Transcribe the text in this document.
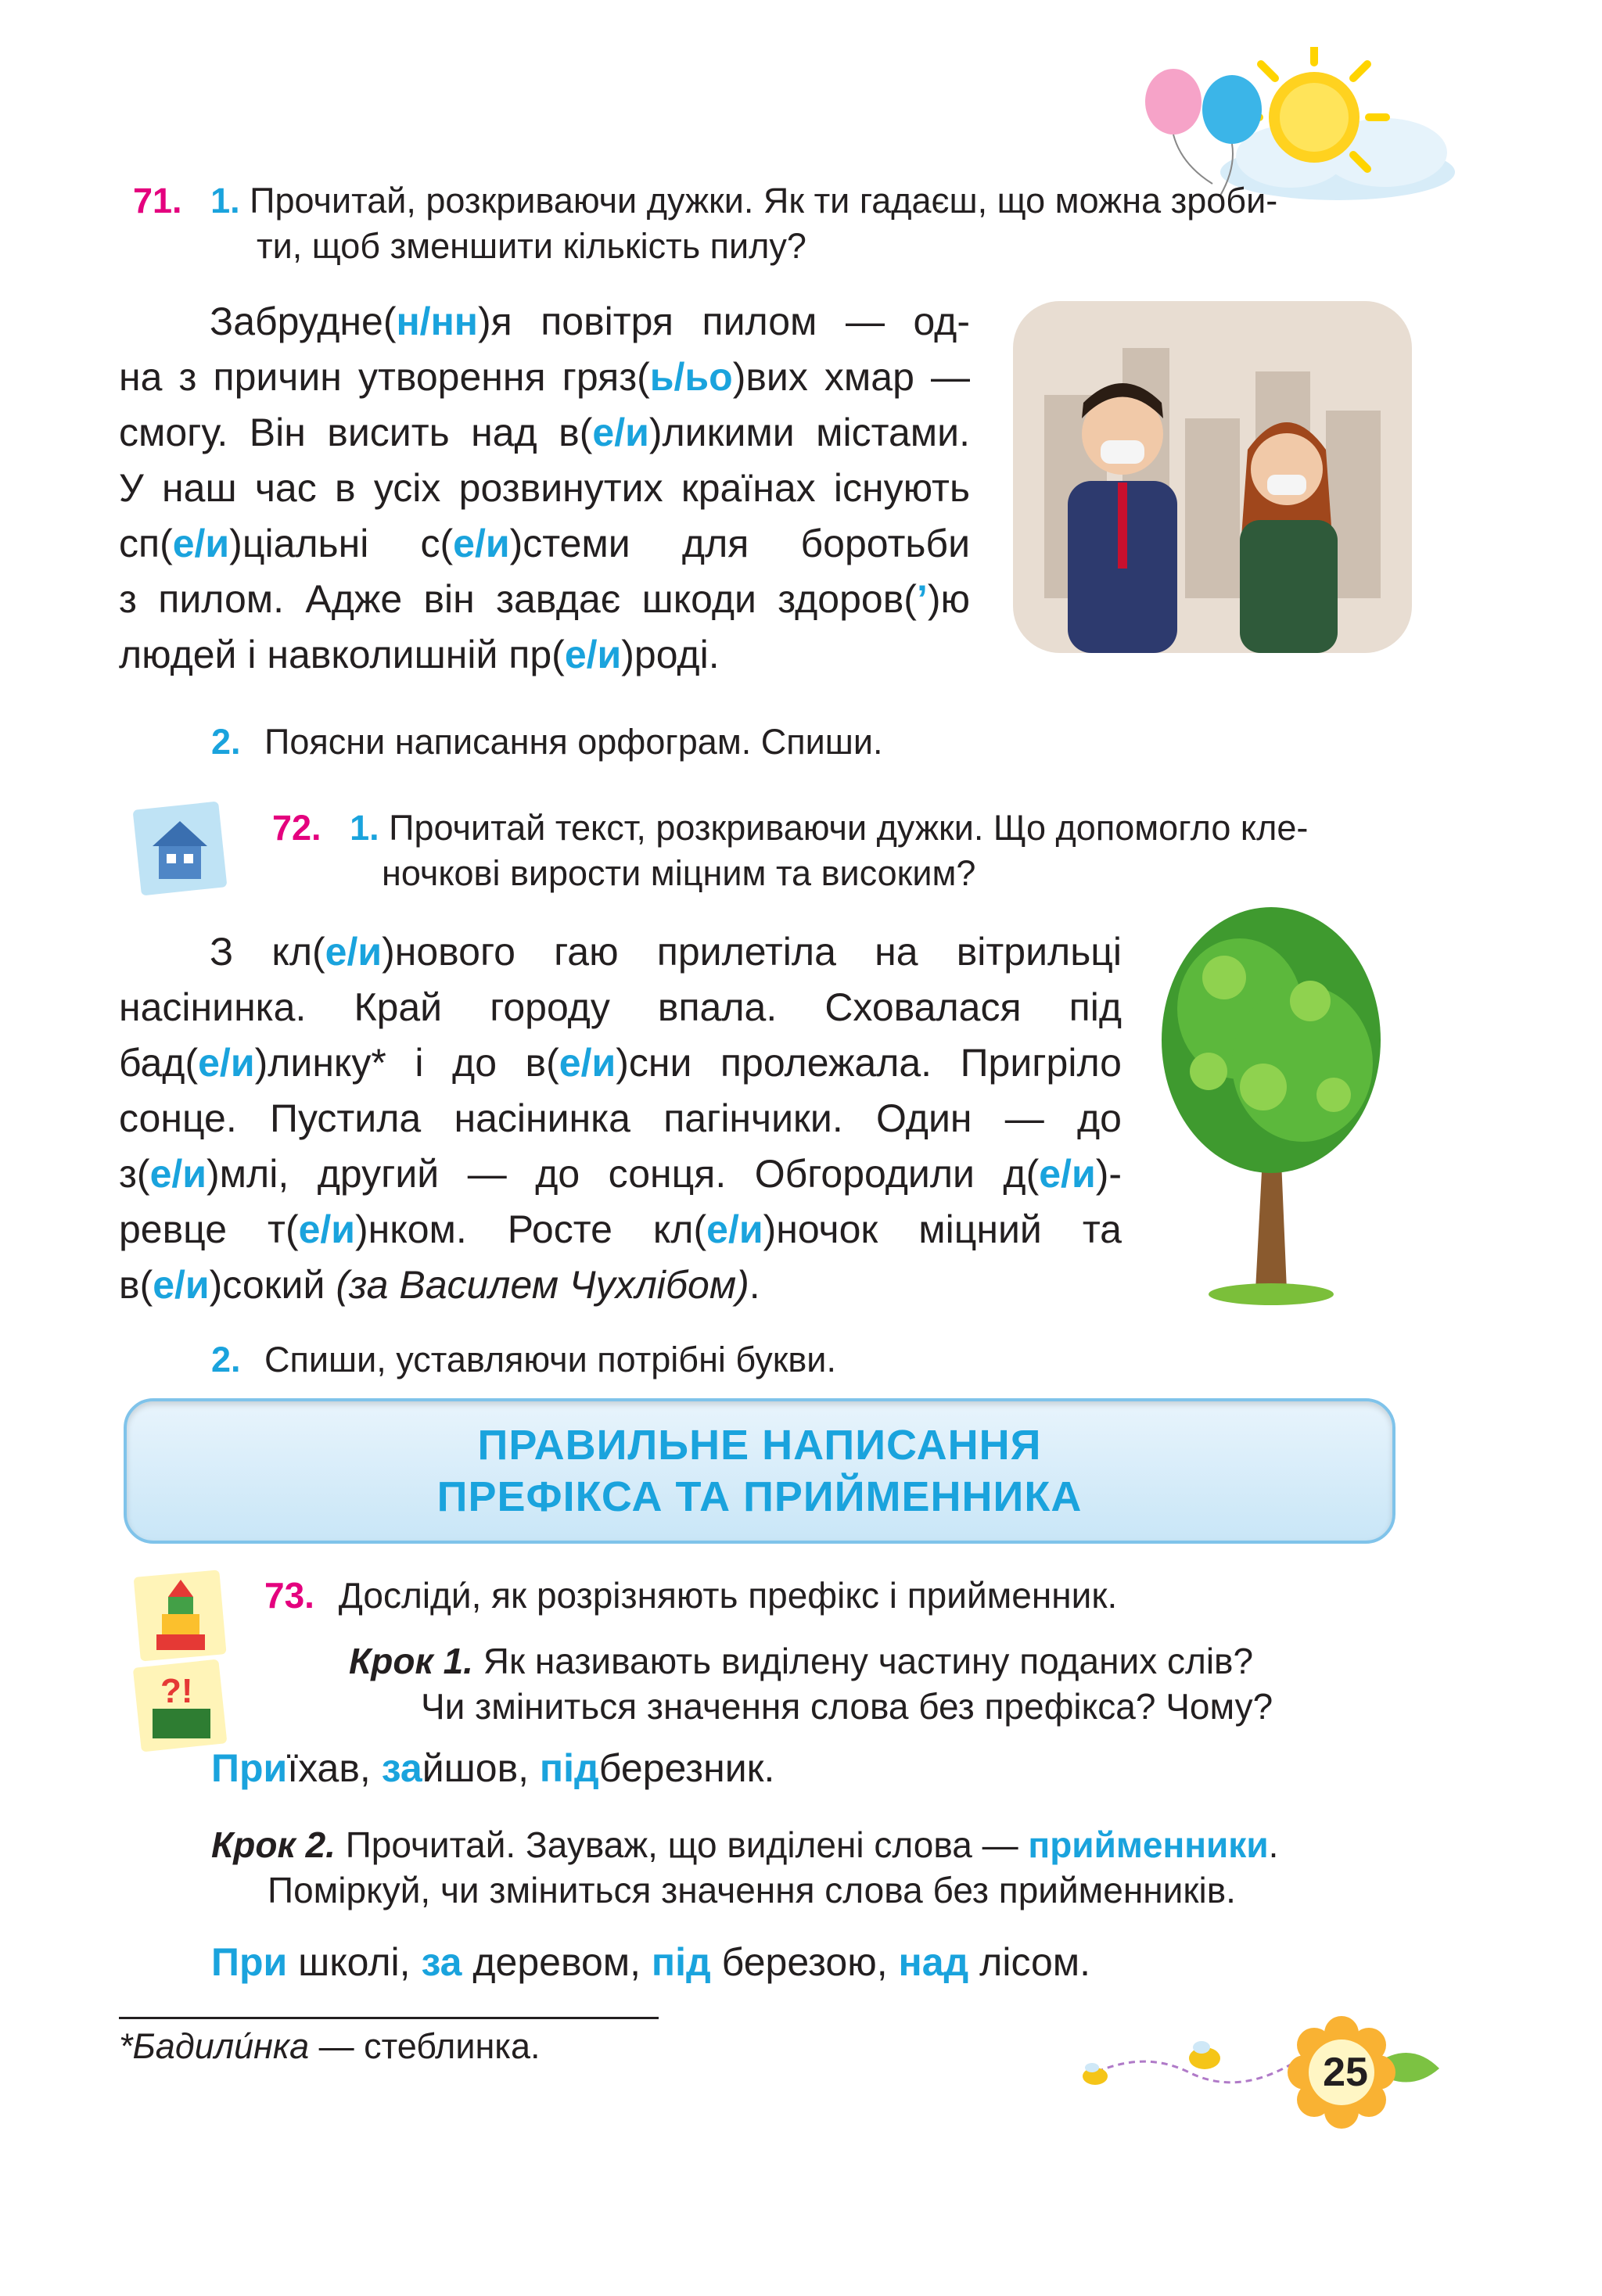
71. 1. Прочитай, розкриваючи дужки. Як ти гадаєш, що можна зроби-
ти, щоб зменшити кількість пилу?
Забрудне(н/нн)я повітря пилом — од-
на з причин утворення гряз(ь/ьо)вих хмар —
смогу. Він висить над в(е/и)ликими містами.
У наш час в усіх розвинутих країнах існують
сп(е/и)ціальні с(е/и)стеми для боротьби
з пилом. Адже він завдає шкоди здоров(’)ю
людей і навколишній пр(е/и)роді.
2. Поясни написання орфограм. Спиши.
72. 1. Прочитай текст, розкриваючи дужки. Що допомогло кле-
ночкові вирости міцним та високим?
З кл(е/и)нового гаю прилетіла на вітрильці
насінинка. Край городу впала. Сховалася під
бад(е/и)линку* і до в(е/и)сни пролежала. Пригріло
сонце. Пустила насінинка пагінчики. Один — до
з(е/и)млі, другий — до сонця. Обгородили д(е/и)-
ревце т(е/и)нком. Росте кл(е/и)ночок міцний та
в(е/и)сокий (за Василем Чухлібом).
2. Спиши, уставляючи потрібні букви.
ПРАВИЛЬНЕ НАПИСАННЯ
ПРЕФІКСА ТА ПРИЙМЕННИКА
?!
73. Досліди́, як розрізняють префікс і прийменник.
Крок 1. Як називають виділену частину поданих слів?
Чи зміниться значення слова без префікса? Чому?
Приїхав, зайшов, підберезник.
Крок 2. Прочитай. Зауваж, що виділені слова — прийменники.
Поміркуй, чи зміниться значення слова без прийменників.
При школі, за деревом, під березою, над лісом.
*Бадили́нка — стеблинка.
25
